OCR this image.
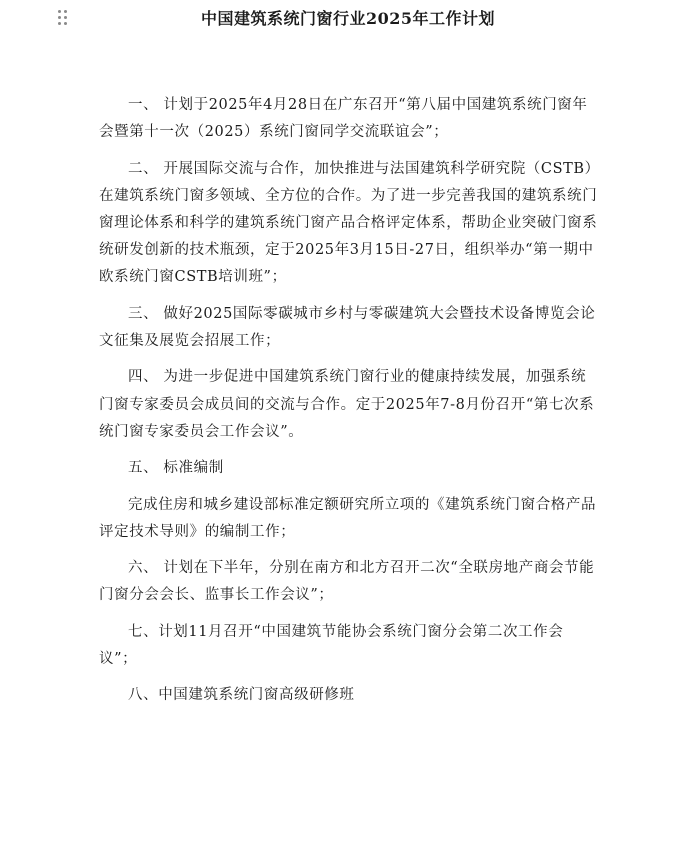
中国建筑系统门窗行业2025年工作计划

一、 计划于2025年4月28日在广东召开“第八届中国建筑系统门窗年会暨第十一次（2025）系统门窗同学交流联谊会”；

二、 开展国际交流与合作，加快推进与法国建筑科学研究院（CSTB）在建筑系统门窗多领域、全方位的合作。为了进一步完善我国的建筑系统门窗理论体系和科学的建筑系统门窗产品合格评定体系，帮助企业突破门窗系统研发创新的技术瓶颈，定于2025年3月15日-27日，组织举办“第一期中欧系统门窗CSTB培训班”；

三、 做好2025国际零碳城市乡村与零碳建筑大会暨技术设备博览会论文征集及展览会招展工作；

四、 为进一步促进中国建筑系统门窗行业的健康持续发展，加强系统门窗专家委员会成员间的交流与合作。定于2025年7-8月份召开“第七次系统门窗专家委员会工作会议”。

五、 标准编制

完成住房和城乡建设部标准定额研究所立项的《建筑系统门窗合格产品评定技术导则》的编制工作；

六、 计划在下半年，分别在南方和北方召开二次“全联房地产商会节能门窗分会会长、监事长工作会议”；

七、计划11月召开“中国建筑节能协会系统门窗分会第二次工作会议”；

八、中国建筑系统门窗高级研修班
